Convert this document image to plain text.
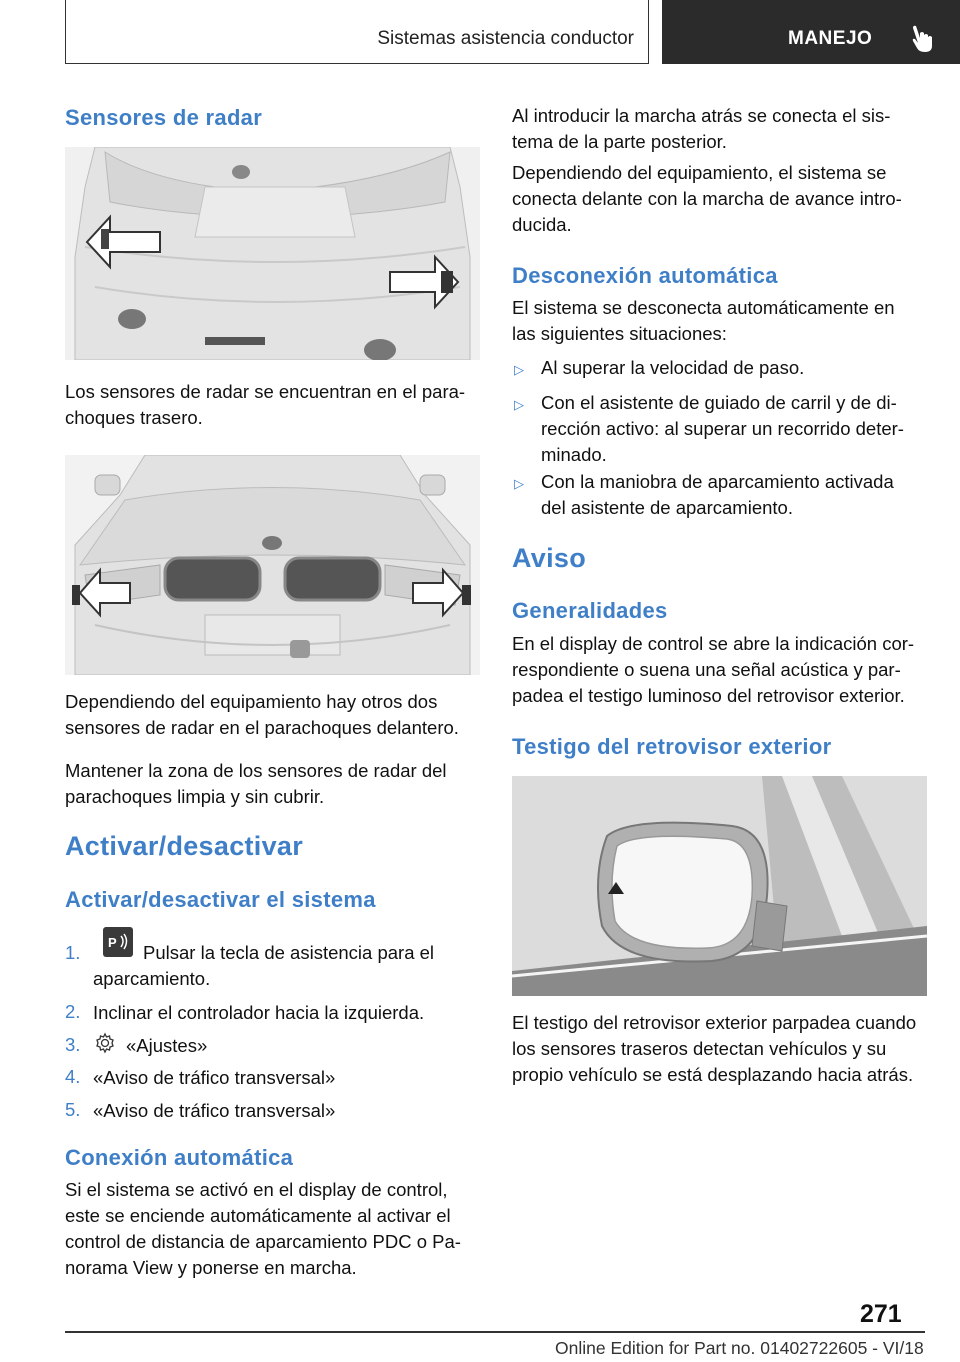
Sistemas asistencia conductor	MANEJO
Sensores de radar

Los sensores de radar se encuentran en el para-
choques trasero.

Dependiendo del equipamiento hay otros dos
sensores de radar en el parachoques delantero.

Mantener la zona de los sensores de radar del
parachoques limpia y sin cubrir.

Activar/desactivar
Activar/desactivar el sistema
1. P Pulsar la tecla de asistencia para el
aparcamiento.
2. Inclinar el controlador hacia la izquierda.
3. «Ajustes»
4. «Aviso de tráfico transversal»
5. «Aviso de tráfico transversal»
Conexión automática

Si el sistema se activó en el display de control,
este se enciende automáticamente al activar el
control de distancia de aparcamiento PDC o Pa-
norama View y ponerse en marcha.

Al introducir la marcha atrás se conecta el sis-
tema de la parte posterior.

Dependiendo del equipamiento, el sistema se
conecta delante con la marcha de avance intro-
ducida.

Desconexión automática

El sistema se desconecta automáticamente en
las siguientes situaciones:

▷ Al superar la velocidad de paso.
▷ Con el asistente de guiado de carril y de di-
rección activo: al superar un recorrido deter-
minado.
▷ Con la maniobra de aparcamiento activada
del asistente de aparcamiento.
Aviso
Generalidades

En el display de control se abre la indicación cor-
respondiente o suena una señal acústica y par-
padea el testigo luminoso del retrovisor exterior.

Testigo del retrovisor exterior

El testigo del retrovisor exterior parpadea cuando
los sensores traseros detectan vehículos y su
propio vehículo se está desplazando hacia atrás.

271
Online Edition for Part no. 01402722605 - VI/18
